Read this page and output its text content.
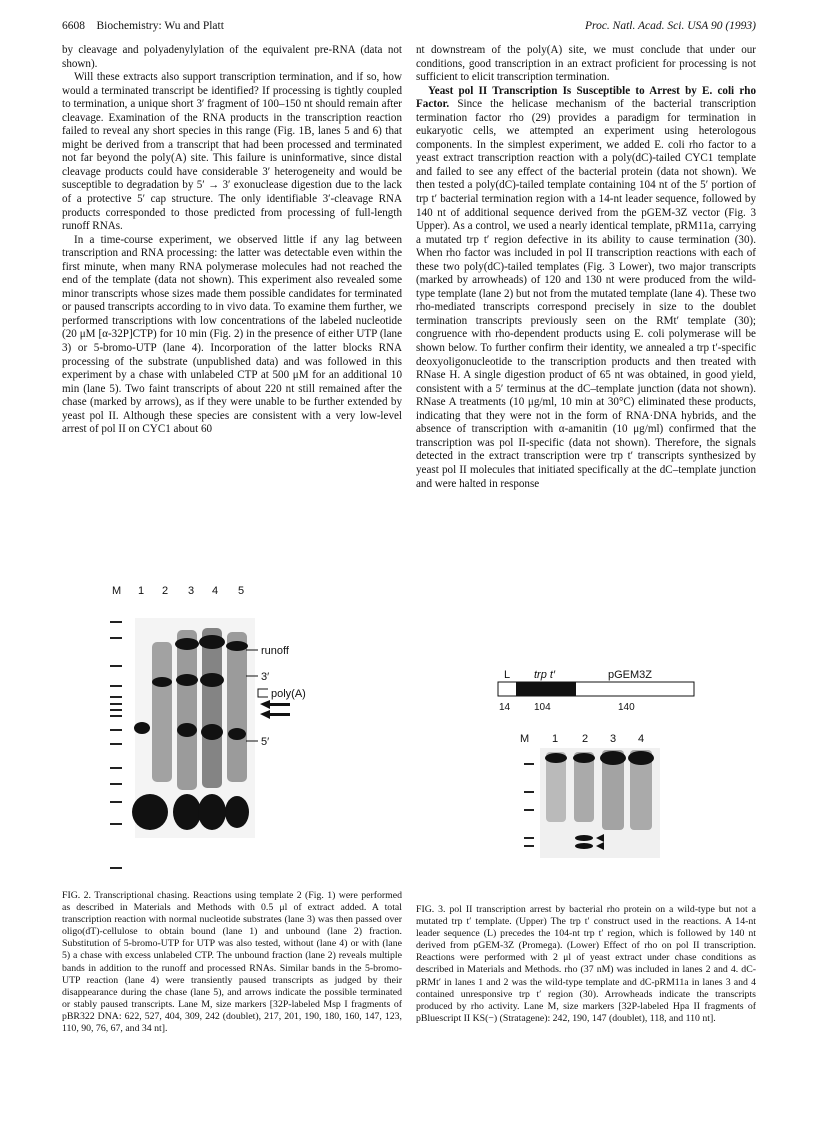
6608 Biochemistry: Wu and Platt	Proc. Natl. Acad. Sci. USA 90 (1993)

by cleavage and polyadenylylation of the equivalent pre-RNA (data not shown).

Will these extracts also support transcription termination, and if so, how would a terminated transcript be identified? If processing is tightly coupled to termination, a unique short 3′ fragment of 100–150 nt should remain after cleavage. Examination of the RNA products in the transcription reaction failed to reveal any short species in this range (Fig. 1B, lanes 5 and 6) that might be derived from a transcript that had been processed and terminated not far beyond the poly(A) site. This failure is uninformative, since distal cleavage products could have considerable 3′ heterogeneity and would be susceptible to degradation by 5′ → 3′ exonuclease digestion due to the lack of a protective 5′ cap structure. The only identifiable 3′-cleavage RNA products corresponded to those predicted from processing of full-length runoff RNAs.

In a time-course experiment, we observed little if any lag between transcription and RNA processing: the latter was detectable even within the first minute, when many RNA polymerase molecules had not reached the end of the template (data not shown). This experiment also revealed some minor transcripts whose sizes made them possible candidates for terminated or paused transcripts according to in vivo data. To examine them further, we performed transcriptions with low concentrations of the labeled nucleotide (20 μM [α-32P]CTP) for 10 min (Fig. 2) in the presence of either UTP (lane 3) or 5-bromo-UTP (lane 4). Incorporation of the latter blocks RNA processing of the substrate (unpublished data) and was followed in this experiment by a chase with unlabeled CTP at 500 μM for an additional 10 min (lane 5). Two faint transcripts of about 220 nt still remained after the chase (marked by arrows), as if they were unable to be further extended by yeast pol II. Although these species are consistent with a very low-level arrest of pol II on CYC1 about 60

nt downstream of the poly(A) site, we must conclude that under our conditions, good transcription in an extract proficient for processing is not sufficient to elicit transcription termination.

Yeast pol II Transcription Is Susceptible to Arrest by E. coli rho Factor. Since the helicase mechanism of the bacterial transcription termination factor rho (29) provides a paradigm for termination in eukaryotic cells, we attempted an experiment using heterologous components. In the simplest experiment, we added E. coli rho factor to a yeast extract transcription reaction with a poly(dC)-tailed CYC1 template and failed to see any effect of the bacterial protein (data not shown). We then tested a poly(dC)-tailed template containing 104 nt of the 5′ portion of trp t′ bacterial termination region with a 14-nt leader sequence, followed by 140 nt of additional sequence derived from the pGEM-3Z vector (Fig. 3 Upper). As a control, we used a nearly identical template, pRM11a, carrying a mutated trp t′ region defective in its ability to cause termination (30). When rho factor was included in pol II transcription reactions with each of these two poly(dC)-tailed templates (Fig. 3 Lower), two major transcripts (marked by arrowheads) of 120 and 130 nt were produced from the wild-type template (lane 2) but not from the mutated template (lane 4). These two rho-mediated transcripts correspond precisely in size to the doublet termination transcripts previously seen on the RMt′ template (30); congruence with rho-dependent products using E. coli polymerase will be shown below. To further confirm their identity, we annealed a trp t′-specific deoxyoligonucleotide to the transcription products and then treated with RNase H. A single digestion product of 65 nt was obtained, in good yield, consistent with a 5′ terminus at the dC–template junction (data not shown). RNase A treatments (10 μg/ml, 10 min at 30°C) eliminated these products, indicating that they were not in the form of RNA·DNA hybrids, and the absence of transcription with α-amanitin (10 μg/ml) confirmed that the transcription was pol II-specific (data not shown). Therefore, the signals detected in the extract transcription were trp t′ transcripts synthesized by yeast pol II molecules that initiated specifically at the dC–template junction and were halted in response

M 1 2 3 4 5
runoff
3′
poly(A)
5′
FIG. 2. Transcriptional chasing. Reactions using template 2 (Fig. 1) were performed as described in Materials and Methods with 0.5 μl of extract added. A total transcription reaction with normal nucleotide substrates (lane 3) was then passed over oligo(dT)-cellulose to obtain bound (lane 1) and unbound (lane 2) fraction. Substitution of 5-bromo-UTP for UTP was also tested, without (lane 4) or with (lane 5) a chase with excess unlabeled CTP. The unbound fraction (lane 2) reveals multiple bands in addition to the runoff and processed RNAs. Similar bands in the 5-bromo-UTP reaction (lane 4) were transiently paused transcripts as judged by their disappearance during the chase (lane 5), and arrows indicate the possible terminated or stably paused transcripts. Lane M, size markers [32P-labeled Msp I fragments of pBR322 DNA: 622, 527, 404, 309, 242 (doublet), 217, 201, 190, 180, 160, 147, 123, 110, 90, 76, 67, and 34 nt].
L trp t′	pGEM3Z
14 104	140
M 1 2 3 4
FIG. 3. pol II transcription arrest by bacterial rho protein on a wild-type but not a mutated trp t′ template. (Upper) The trp t′ construct used in the reactions. A 14-nt leader sequence (L) precedes the 104-nt trp t′ region, which is followed by 140 nt derived from pGEM-3Z (Promega). (Lower) Effect of rho on pol II transcription. Reactions were performed with 2 μl of yeast extract under chase conditions as described in Materials and Methods. rho (37 nM) was included in lanes 2 and 4. dC-pRMt′ in lanes 1 and 2 was the wild-type template and dC-pRM11a in lanes 3 and 4 contained unresponsive trp t′ region (30). Arrowheads indicate the transcripts produced by rho activity. Lane M, size markers [32P-labeled Hpa II fragments of pBluescript II KS(−) (Stratagene): 242, 190, 147 (doublet), 118, and 110 nt].
